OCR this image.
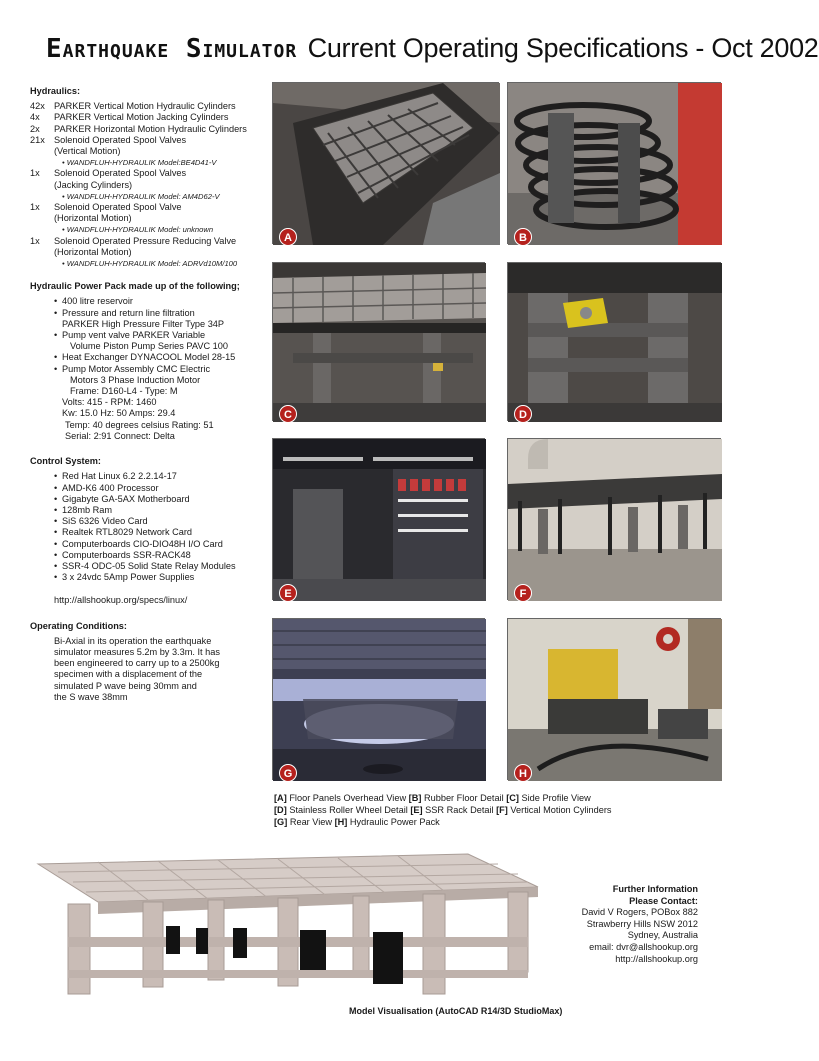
Earthquake Simulator Current Operating Specifications - Oct 2002
Hydraulics:
42x PARKER Vertical Motion Hydraulic Cylinders
4x	PARKER Vertical Motion Jacking Cylinders
2x	PARKER Horizontal Motion Hydraulic Cylinders
21x Solenoid Operated Spool Valves
(Vertical Motion)
• WANDFLUH-HYDRAULIK Model:BE4D41-V
1x	Solenoid Operated Spool Valves
(Jacking Cylinders)
• WANDFLUH-HYDRAULIK Model: AM4D62-V
1x	Solenoid Operated Spool Valve
(Horizontal Motion)
• WANDFLUH-HYDRAULIK Model: unknown
1x	Solenoid Operated Pressure Reducing Valve
(Horizontal Motion)
• WANDFLUH-HYDRAULIK Model: ADRVd10M/100
Hydraulic Power Pack made up of the following;
• 400 litre reservoir
• Pressure and return line filtration
PARKER High Pressure Filter Type 34P
• Pump vent valve PARKER Variable
Volume Piston Pump Series PAVC 100
• Heat Exchanger DYNACOOL Model 28-15
• Pump Motor Assembly CMC Electric
Motors 3 Phase Induction Motor
Frame: D160-L4 - Type: M
Volts: 415 - RPM: 1460
Kw: 15.0 Hz: 50 Amps: 29.4
Temp: 40 degrees celsius Rating: 51
Serial: 2:91 Connect: Delta
Control System:
• Red Hat Linux 6.2 2.2.14-17
• AMD-K6 400 Processor
• Gigabyte GA-5AX Motherboard
• 128mb Ram
• SiS 6326 Video Card
• Realtek RTL8029 Network Card
• Computerboards CIO-DIO48H I/O Card
• Computerboards SSR-RACK48
• SSR-4 ODC-05 Solid State Relay Modules
• 3 x 24vdc 5Amp Power Supplies
http://allshookup.org/specs/linux/
Operating Conditions:
Bi-Axial in its operation the earthquake
simulator measures 5.2m by 3.3m. It has
been engineered to carry up to a 2500kg
specimen with a displacement of the
simulated P wave being 30mm and
the S wave 38mm
A	B
C	D
E	F
G	H
[A] Floor Panels Overhead View [B] Rubber Floor Detail [C] Side Profile View
[D] Stainless Roller Wheel Detail [E] SSR Rack Detail [F] Vertical Motion Cylinders
[G] Rear View [H] Hydraulic Power Pack
Model Visualisation (AutoCAD R14/3D StudioMax)
Further Information
Please Contact:
David V Rogers, POBox 882
Strawberry Hills NSW 2012
Sydney, Australia
email: dvr@allshookup.org
http://allshookup.org
